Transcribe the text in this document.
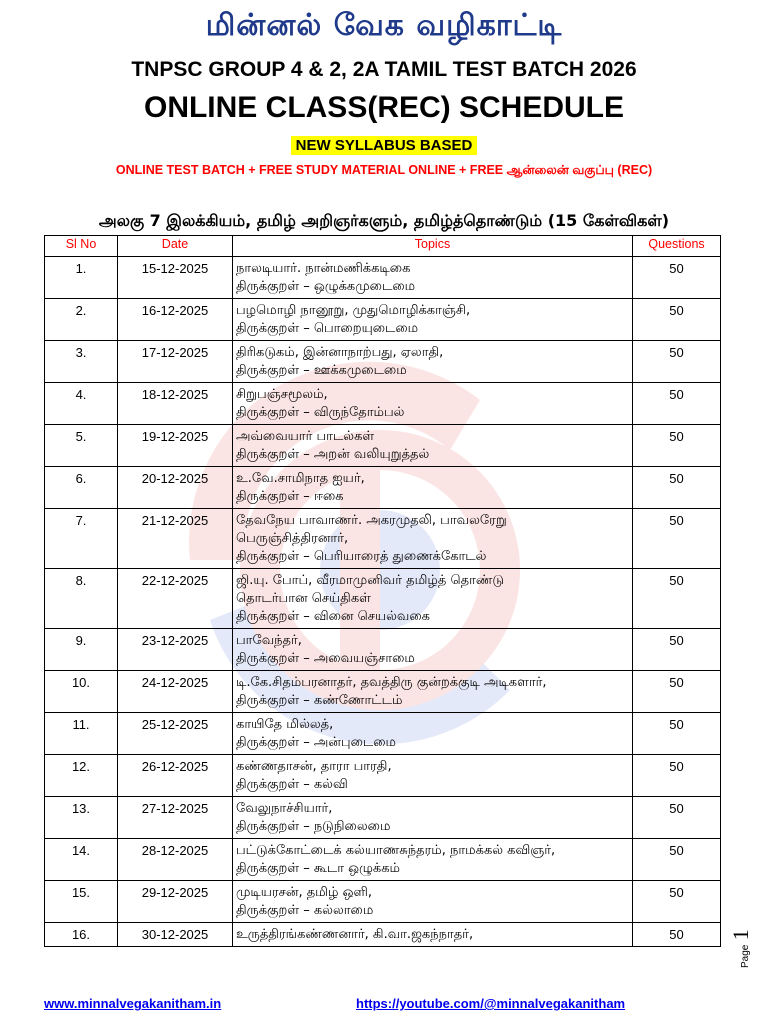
மின்னல் வேக வழிகாட்டி
TNPSC GROUP 4 & 2, 2A TAMIL TEST BATCH 2026
ONLINE CLASS(REC) SCHEDULE
NEW SYLLABUS BASED
ONLINE TEST BATCH + FREE STUDY MATERIAL ONLINE + FREE ஆன்லைன் வகுப்பு (REC)
அலகு 7 இலக்கியம், தமிழ் அறிஞர்களும், தமிழ்த்தொண்டும் (15 கேள்விகள்)
Sl No	Date	Topics	Questions
1.	15-12-2025	நாலடியார். நான்மணிக்கடிகை
திருக்குறள் – ஒழுக்கமுடைமை	50
2.	16-12-2025	பழமொழி நானூறு, முதுமொழிக்காஞ்சி,
திருக்குறள் – பொறையுடைமை	50
3.	17-12-2025	திரிகடுகம், இன்னாநாற்பது, ஏலாதி,
திருக்குறள் – ஊக்கமுடைமை	50
4.	18-12-2025	சிறுபஞ்சமூலம்,
திருக்குறள் – விருந்தோம்பல்	50
5.	19-12-2025	அவ்வையார் பாடல்கள்
திருக்குறள் – அறன் வலியுறுத்தல்	50
6.	20-12-2025	உ.வே.சாமிநாத ஐயர்,
திருக்குறள் – ஈகை	50
7.	21-12-2025	தேவநேய பாவாணர். அகரமுதலி, பாவலரேறு
பெருஞ்சித்திரனார்,
திருக்குறள் – பெரியாரைத் துணைக்கோடல்	50
8.	22-12-2025	ஜி.யு. போப், வீரமாமுனிவர் தமிழ்த் தொண்டு
தொடர்பான செய்திகள்
திருக்குறள் – வினை செயல்வகை	50
9.	23-12-2025	பாவேந்தர்,
திருக்குறள் – அவையஞ்சாமை	50
10.	24-12-2025	டி.கே.சிதம்பரனாதர், தவத்திரு குன்றக்குடி அடிகளார்,
திருக்குறள் – கண்ணோட்டம்	50
11.	25-12-2025	காயிதே மில்லத்,
திருக்குறள் – அன்புடைமை	50
12.	26-12-2025	கண்ணதாசன், தாரா பாரதி,
திருக்குறள் – கல்வி	50
13.	27-12-2025	வேலுநாச்சியார்,
திருக்குறள் – நடுநிலைமை	50
14.	28-12-2025	பட்டுக்கோட்டைக் கல்யாணசுந்தரம், நாமக்கல் கவிஞர்,
திருக்குறள் – கூடா ஒழுக்கம்	50
15.	29-12-2025	முடியரசன், தமிழ் ஒளி,
திருக்குறள் – கல்லாமை	50
16.	30-12-2025	உருத்திரங்கண்ணனார், கி.வா.ஜகந்நாதர்,	50
www.minnalvegakanitham.in	https://youtube.com/@minnalvegakanitham
Page 1
